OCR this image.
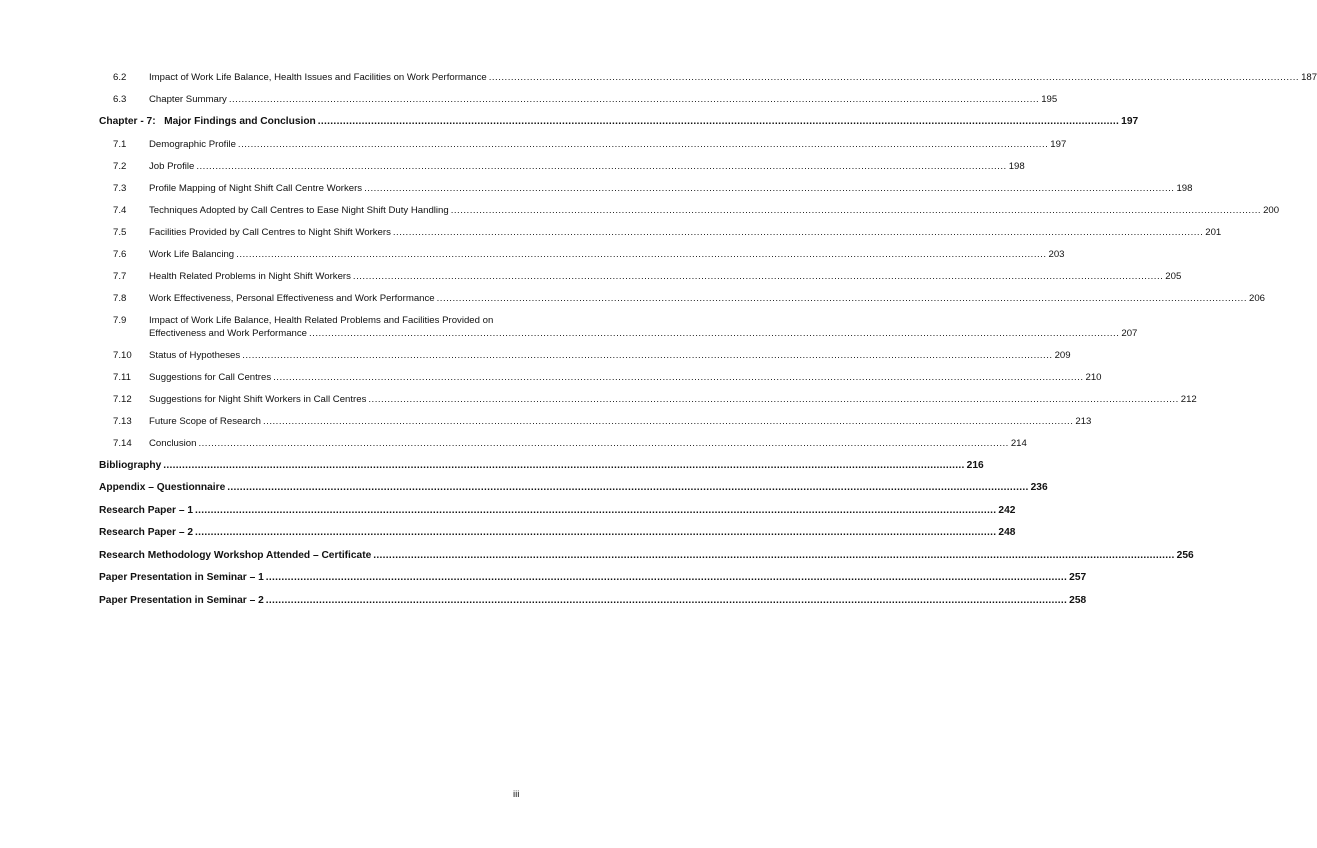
6.2	Impact of Work Life Balance, Health Issues and Facilities on Work Performance .....	187
6.3	Chapter Summary .....	195
Chapter - 7:   Major Findings and Conclusion .....	197
7.1	Demographic Profile .....	197
7.2	Job Profile .....	198
7.3	Profile Mapping of Night Shift Call Centre Workers .....	198
7.4	Techniques Adopted by Call Centres to Ease Night Shift Duty Handling .....	200
7.5	Facilities Provided by Call Centres to Night Shift Workers .....	201
7.6	Work Life Balancing .....	203
7.7	Health Related Problems in Night Shift Workers .....	205
7.8	Work Effectiveness, Personal Effectiveness and Work Performance .....	206
7.9	Impact of Work Life Balance, Health Related Problems and Facilities Provided on
Effectiveness and Work Performance .....	207
7.10	Status of Hypotheses .....	209
7.11	Suggestions for Call Centres .....	210
7.12	Suggestions for Night Shift Workers in Call Centres .....	212
7.13	Future Scope of Research .....	213
7.14	Conclusion .....	214
Bibliography .....	216
Appendix – Questionnaire .....	236
Research Paper – 1 .....	242
Research Paper – 2 .....	248
Research Methodology Workshop Attended – Certificate .....	256
Paper Presentation in Seminar – 1 .....	257
Paper Presentation in Seminar – 2 .....	258
iii
